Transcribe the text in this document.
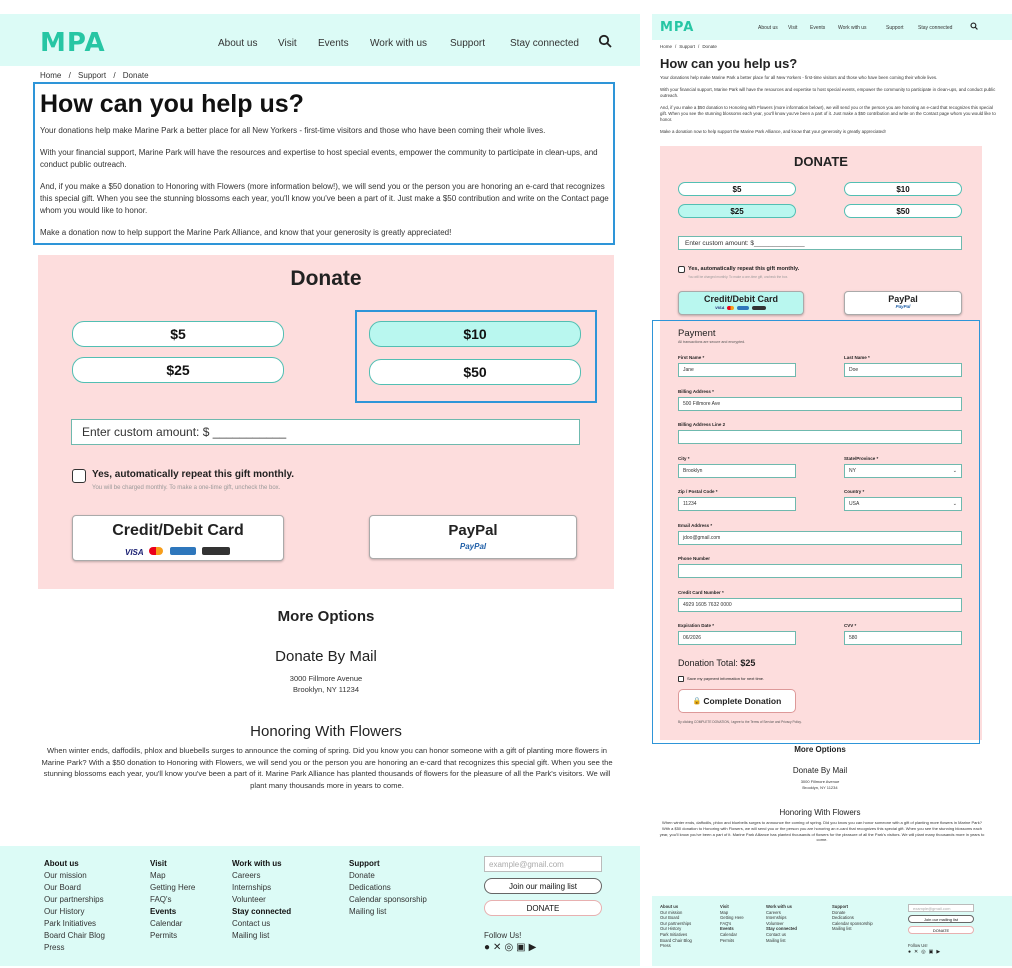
MPA	About us Visit Events Work with us Support Stay connected
Home / Support / Donate
How can you help us?

Your donations help make Marine Park a better place for all New Yorkers - first-time visitors and those who have been coming their whole lives.

With your financial support, Marine Park will have the resources and expertise to host special events, empower the community to participate in clean-ups, and conduct public outreach.

And, if you make a $50 donation to Honoring with Flowers (more information below!), we will send you or the person you are honoring an e-card that recognizes this special gift. When you see the stunning blossoms each year, you'll know you've been a part of it. Just make a $50 contribution and write on the Contact page whom you would like to honor.

Make a donation now to help support the Marine Park Alliance, and know that your generosity is greatly appreciated!

Donate
$5	$10
$25	$50
Enter custom amount: $ ___________
Yes, automatically repeat this gift monthly.
You will be charged monthly. To make a one-time gift, uncheck the box.
Credit/Debit Card
VISA
PayPal
PayPal
More Options
Donate By Mail
3000 Fillmore Avenue
Brooklyn, NY 11234
Honoring With Flowers
When winter ends, daffodils, phlox and bluebells surges to announce the coming of spring. Did you know you can honor someone with a gift of planting more flowers in Marine Park? With a $50 donation to Honoring with Flowers, we will send you or the person you are honoring an e-card that recognizes this special gift. When you see the stunning blossoms each year, you'll know you've been a part of it. Marine Park Alliance has planted thousands of flowers for the pleasure of all the Park's visitors. We will plant many thousands more in years to come.
About us
Our mission
Our Board
Our partnerships
Our History
Park Initiatives
Board Chair Blog
Press
Visit
Map
Getting Here
FAQ's
Events
Calendar
Permits
Work with us
Careers
Internships
Volunteer
Stay connected
Contact us
Mailing list
Support
Donate
Dedications
Calendar sponsorship
Mailing list
example@gmail.com
Join our mailing list
DONATE
Follow Us!
● ✕ ◎ ▣ ▶
MPA	About us Visit	Events	Work with us	Support	Stay connected
Home / Support / Donate
How can you help us?

Your donations help make Marine Park a better place for all New Yorkers - first-time visitors and those who have been coming their whole lives.

With your financial support, Marine Park will have the resources and expertise to host special events, empower the community to participate in clean-ups, and conduct public outreach.

And, if you make a $50 donation to Honoring with Flowers (more information below!), we will send you or the person you are honoring an e-card that recognizes this special gift. When you see the stunning blossoms each year, you'll know you've been a part of it. Just make a $50 contribution and write on the Contact page whom you would like to honor.

Make a donation now to help support the Marine Park Alliance, and know that your generosity is greatly appreciated!

DONATE
$5	$10
$25	$50
Enter custom amount: $______________
Yes, automatically repeat this gift monthly.
You will be charged monthly. To make a one-time gift, uncheck the box.
Credit/Debit Card
VISA
PayPal
PayPal
Payment
All transactions are secure and encrypted.
First Name *
Jane
Last Name *
Doe
Billing Address *
500 Fillmore Ave
Billing Address Line 2
City *
Brooklyn
State/Province *
NY	⌄
Zip / Postal Code *
11234
Country *
USA	⌄
Email Address *
jdoo@gmail.com
Phone Number
Credit Card Number *
4929 1605 7632 0000
Expiration Date *
06/2026
CVV *
580
Donation Total: $25
Save my payment information for next time.
🔒 Complete Donation
By clicking COMPLETE DONATION, I agree to the Terms of Service and Privacy Policy.
More Options
Donate By Mail
3000 Fillmore Avenue
Brooklyn, NY 11234
Honoring With Flowers
When winter ends, daffodils, phlox and bluebells surges to announce the coming of spring. Did you know you can honor someone with a gift of planting more flowers in Marine Park? With a $50 donation to Honoring with Flowers, we will send you or the person you are honoring an e-card that recognizes this special gift. When you see the stunning blossoms each year, you'll know you've been a part of it. Marine Park Alliance has planted thousands of flowers for the pleasure of all the Park's visitors. We will plant many thousands more in years to come.
About us
Our mission
Our Board
Our partnerships
Our History
Park Initiatives
Board Chair Blog
Press
Visit
Map
Getting Here
FAQ's
Events
Calendar
Permits
Work with us
Careers
Internships
Volunteer
Stay connected
Contact us
Mailing list
Support
Donate
Dedications
Calendar sponsorship
Mailing list
example@gmail.com
Join our mailing list
DONATE
Follow Us!
● ✕ ◎ ▣ ▶
